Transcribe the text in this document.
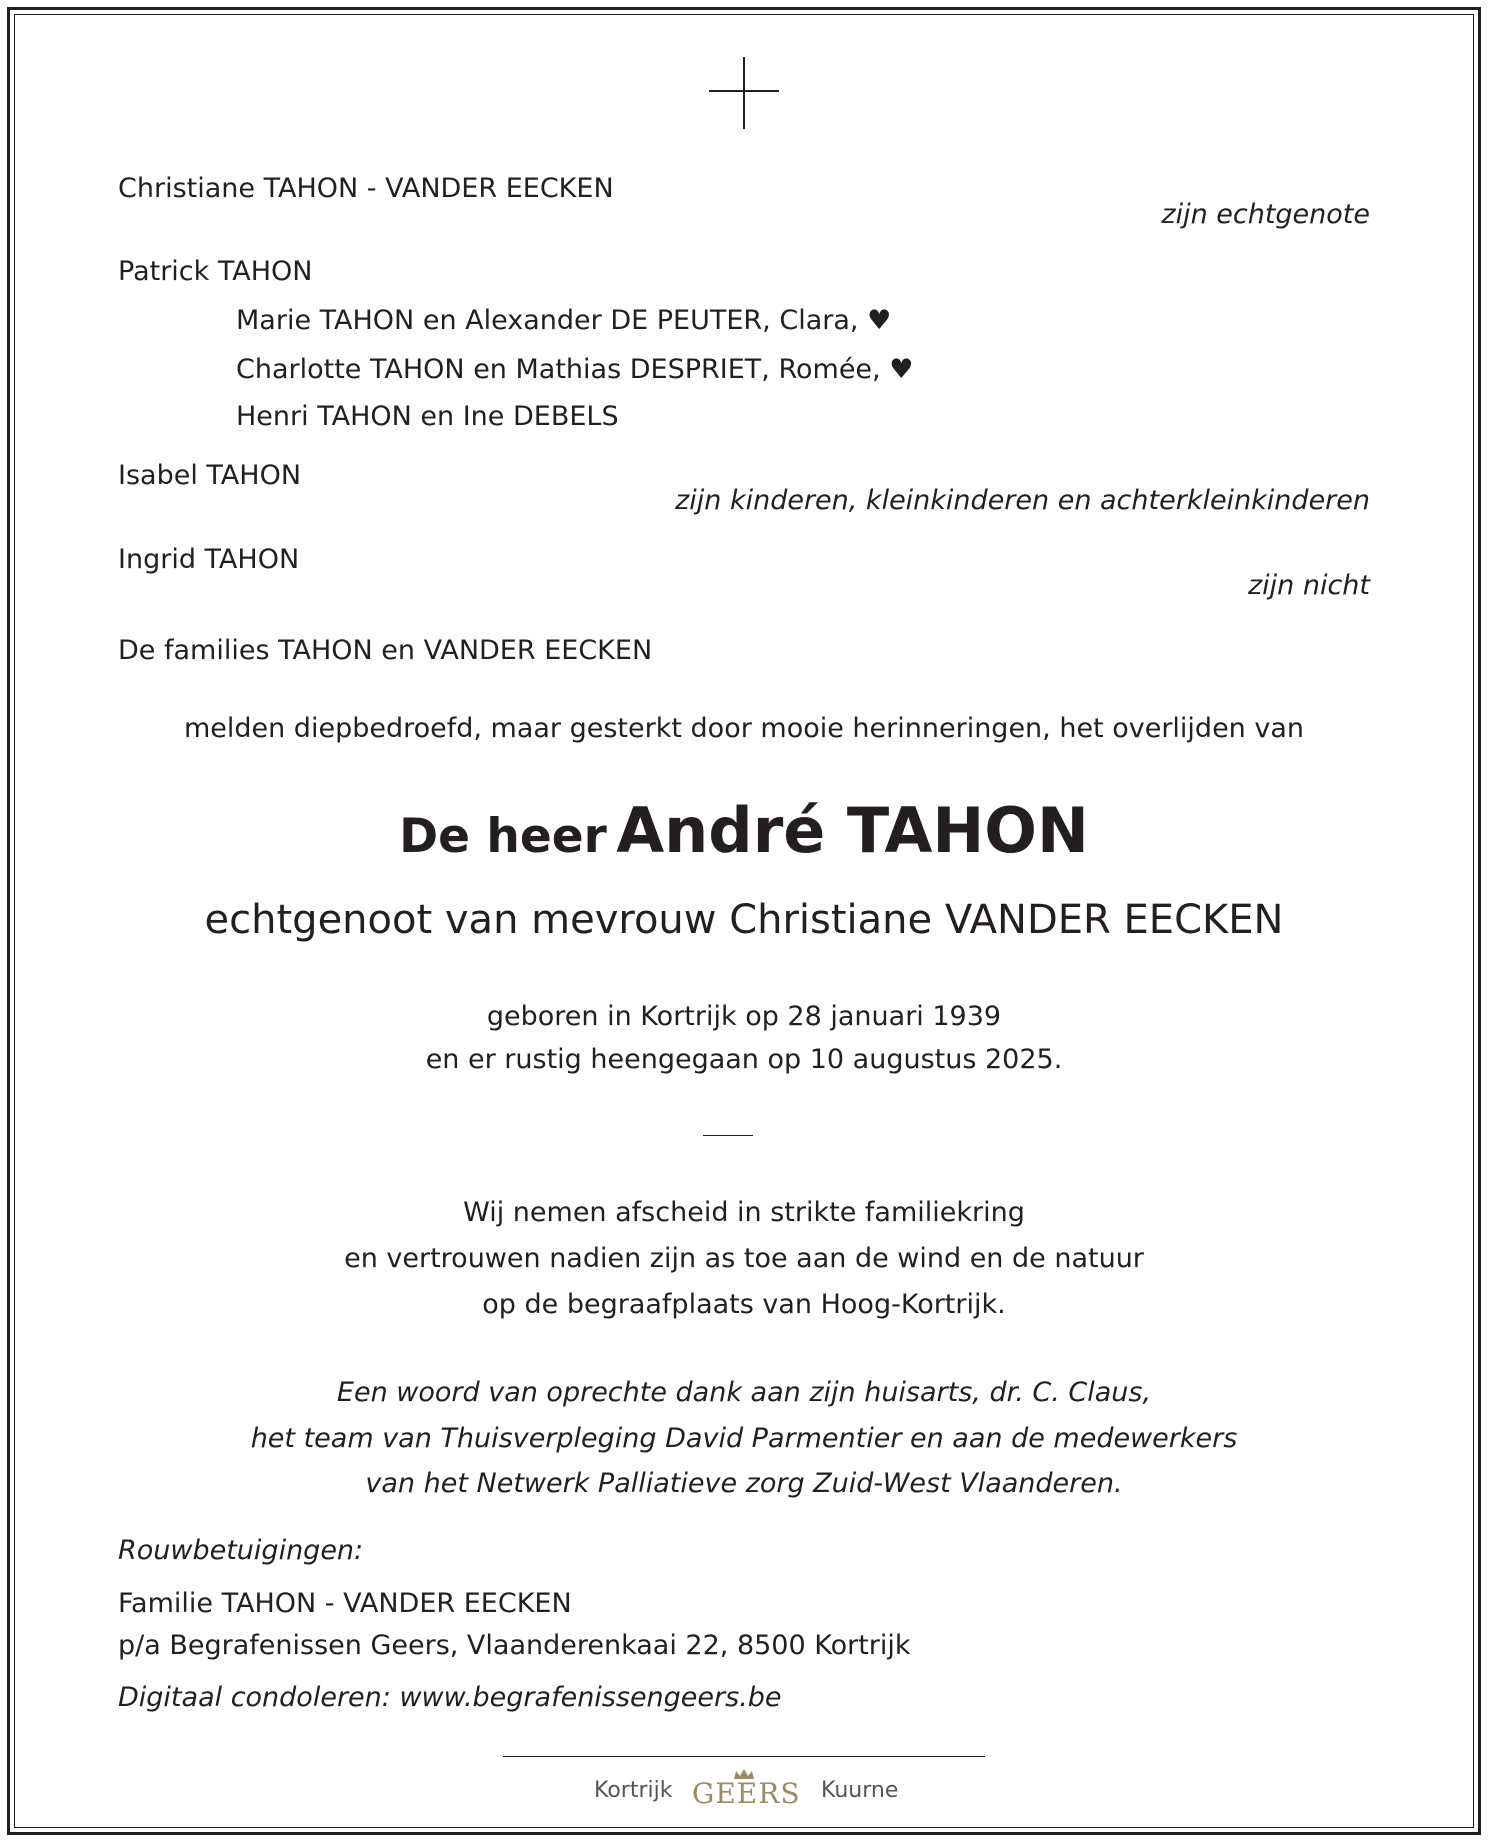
Christiane TAHON - VANDER EECKEN

zijn echtgenote

Patrick TAHON

Marie TAHON en Alexander DE PEUTER, Clara, ♥

Charlotte TAHON en Mathias DESPRIET, Romée, ♥

Henri TAHON en Ine DEBELS

Isabel TAHON

zijn kinderen, kleinkinderen en achterkleinkinderen

Ingrid TAHON

zijn nicht

De families TAHON en VANDER EECKEN

melden diepbedroefd, maar gesterkt door mooie herinneringen, het overlijden van

De heer André TAHON

echtgenoot van mevrouw Christiane VANDER EECKEN

geboren in Kortrijk op 28 januari 1939

en er rustig heengegaan op 10 augustus 2025.

Wij nemen afscheid in strikte familiekring

en vertrouwen nadien zijn as toe aan de wind en de natuur

op de begraafplaats van Hoog-Kortrijk.

Een woord van oprechte dank aan zijn huisarts, dr. C. Claus,

het team van Thuisverpleging David Parmentier en aan de medewerkers

van het Netwerk Palliatieve zorg Zuid-West Vlaanderen.

Rouwbetuigingen:

Familie TAHON - VANDER EECKEN

p/a Begrafenissen Geers, Vlaanderenkaai 22, 8500 Kortrijk

Digitaal condoleren: www.begrafenissengeers.be

Kortrijk GEERS Kuurne
